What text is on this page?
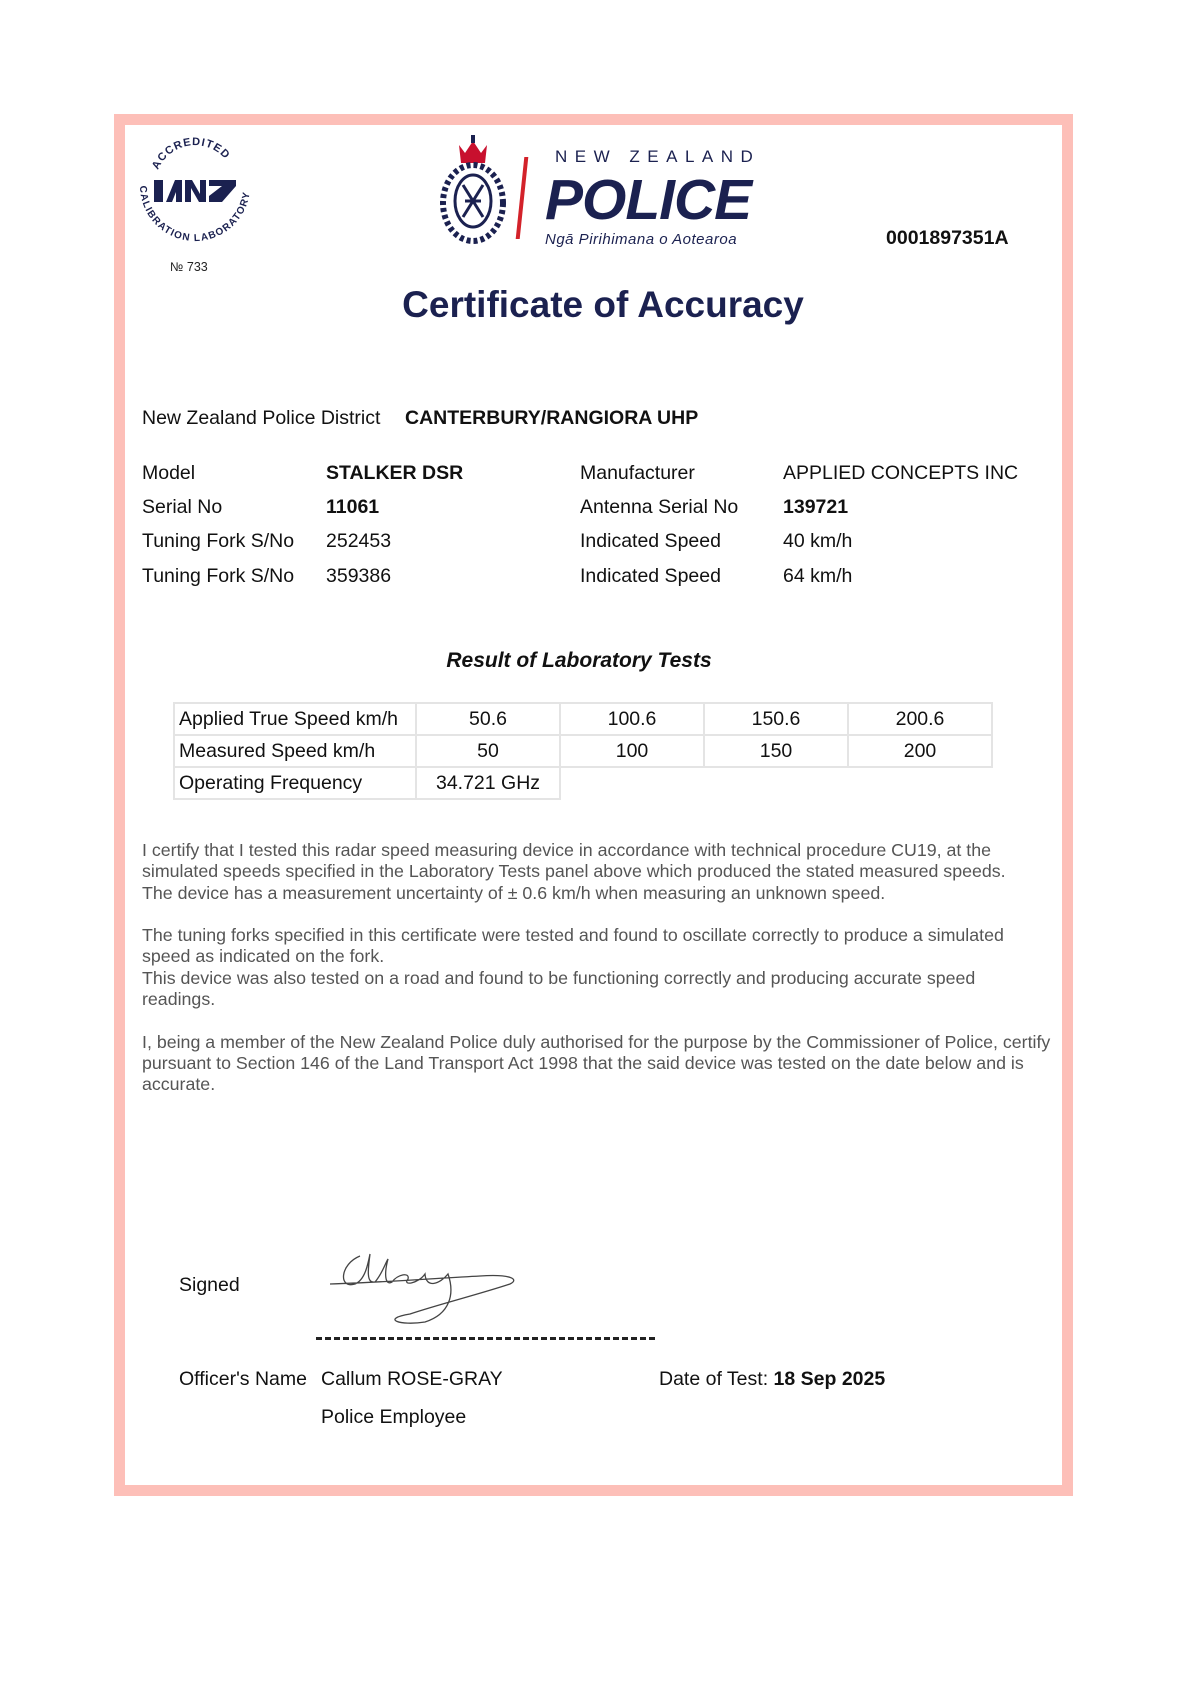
ACCREDITED
CALIBRATION LABORATORY
№ 733
NEW ZEALAND
POLICE
Ngā Pirihimana o Aotearoa	0001897351A
Certificate of Accuracy
New Zealand Police District CANTERBURY/RANGIORA UHP
Model	STALKER DSR	Manufacturer	APPLIED CONCEPTS INC
Serial No	11061	Antenna Serial No 139721
Tuning Fork S/No 252453	Indicated Speed	40 km/h
Tuning Fork S/No 359386	Indicated Speed	64 km/h
Result of Laboratory Tests
Applied True Speed km/h	50.6	100.6	150.6	200.6
Measured Speed km/h	50	100	150	200
Operating Frequency	34.721 GHz			

I certify that I tested this radar speed measuring device in accordance with technical procedure CU19, at the simulated speeds specified in the Laboratory Tests panel above which produced the stated measured speeds.

The device has a measurement uncertainty of ± 0.6 km/h when measuring an unknown speed.

The tuning forks specified in this certificate were tested and found to oscillate correctly to produce a simulated speed as indicated on the fork.

This device was also tested on a road and found to be functioning correctly and producing accurate speed readings.

I, being a member of the New Zealand Police duly authorised for the purpose by the Commissioner of Police, certify pursuant to Section 146 of the Land Transport Act 1998 that the said device was tested on the date below and is accurate.

Signed
Officer's Name Callum ROSE-GRAY
Police Employee
Date of Test: 18 Sep 2025
